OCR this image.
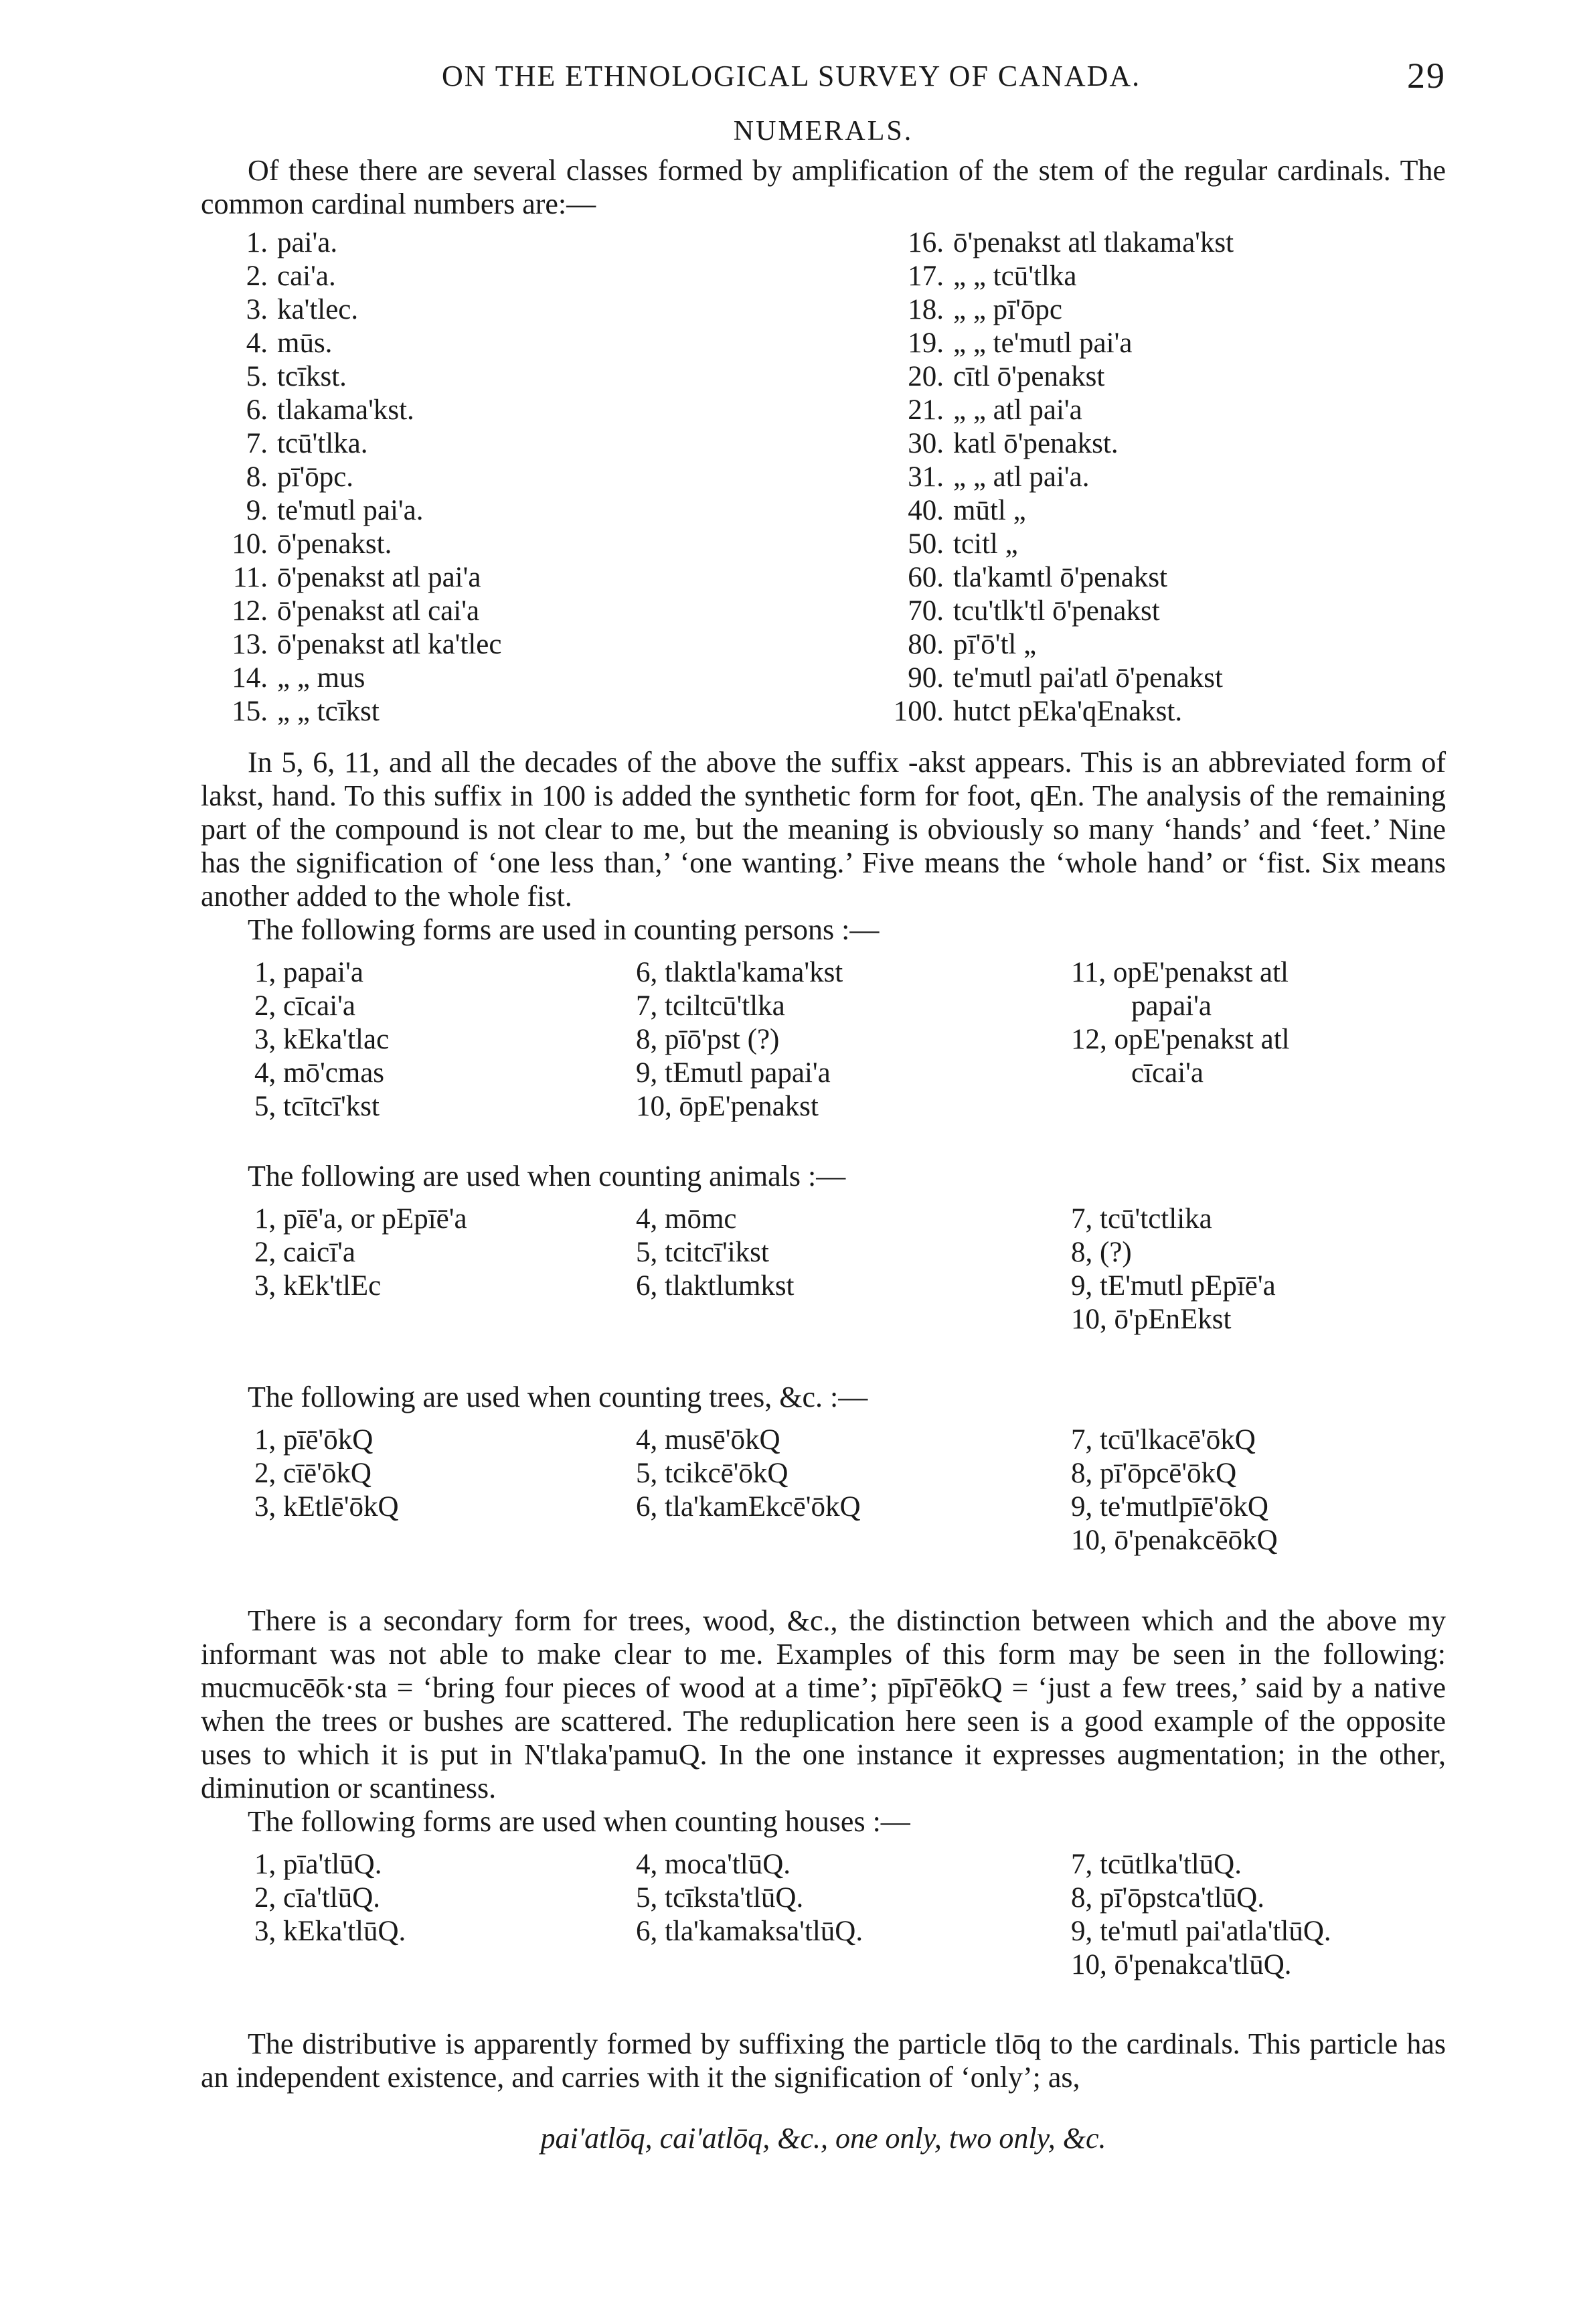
ON THE ETHNOLOGICAL SURVEY OF CANADA.	29
NUMERALS.

Of these there are several classes formed by amplification of the stem of the regular cardinals. The common cardinal numbers are:—

1. pai'a.
2. cai'a.
3. ka'tlec.
4. mūs.
5. tcīkst.
6. tlakama'kst.
7. tcū'tlka.
8. pī'ōpc.
9. te'mutl pai'a.
10. ō'penakst.
11. ō'penakst atl pai'a
12. ō'penakst atl cai'a
13. ō'penakst atl ka'tlec
14. „ „ mus
15. „ „ tcīkst
16. ō'penakst atl tlakama'kst
17. „ „ tcū'tlka
18. „ „ pī'ōpc
19. „ „ te'mutl pai'a
20. cītl ō'penakst
21. „ „ atl pai'a
30. katl ō'penakst.
31. „ „ atl pai'a.
40. mūtl „
50. tcitl „
60. tla'kamtl ō'penakst
70. tcu'tlk'tl ō'penakst
80. pī'ō'tl „
90. te'mutl pai'atl ō'penakst
100. hutct pEka'qEnakst.

In 5, 6, 11, and all the decades of the above the suffix -akst appears. This is an abbreviated form of lakst, hand. To this suffix in 100 is added the synthetic form for foot, qEn. The analysis of the remaining part of the compound is not clear to me, but the meaning is obviously so many ‘hands’ and ‘feet.’ Nine has the signification of ‘one less than,’ ‘one wanting.’ Five means the ‘whole hand’ or ‘fist. Six means another added to the whole fist.

The following forms are used in counting persons :—

1, papai'a	6, tlaktla'kama'kst	11, opE'penakst atl
2, cīcai'a	7, tciltcū'tlka	papai'a
3, kEka'tlac	8, pīō'pst (?)	12, opE'penakst atl
4, mō'cmas	9, tEmutl papai'a	cīcai'a
5, tcītcī'kst	10, ōpE'penakst

The following are used when counting animals :—

1, pīē'a, or pEpīē'a	4, mōmc	7, tcū'tctlika
2, caicī'a	5, tcitcī'ikst	8, (?)
3, kEk'tlEc	6, tlaktlumkst	9, tE'mutl pEpīē'a
10, ō'pEnEkst

The following are used when counting trees, &c. :—

1, pīē'ōkQ	4, musē'ōkQ	7, tcū'lkacē'ōkQ
2, cīē'ōkQ	5, tcikcē'ōkQ	8, pī'ōpcē'ōkQ
3, kEtlē'ōkQ	6, tla'kamEkcē'ōkQ	9, te'mutlpīē'ōkQ
10, ō'penakcēōkQ

There is a secondary form for trees, wood, &c., the distinction between which and the above my informant was not able to make clear to me. Examples of this form may be seen in the following: mucmucēōk·sta = ‘bring four pieces of wood at a time’; pīpī'ēōkQ = ‘just a few trees,’ said by a native when the trees or bushes are scattered. The reduplication here seen is a good example of the opposite uses to which it is put in N'tlaka'pamuQ. In the one instance it expresses augmentation; in the other, diminution or scantiness.

The following forms are used when counting houses :—

1, pīa'tlūQ.	4, moca'tlūQ.	7, tcūtlka'tlūQ.
2, cīa'tlūQ.	5, tcīksta'tlūQ.	8, pī'ōpstca'tlūQ.
3, kEka'tlūQ.	6, tla'kamaksa'tlūQ.	9, te'mutl pai'atla'tlūQ.
10, ō'penakca'tlūQ.

The distributive is apparently formed by suffixing the particle tlōq to the cardinals. This particle has an independent existence, and carries with it the signification of ‘only’; as,

pai'atlōq, cai'atlōq, &c., one only, two only, &c.
